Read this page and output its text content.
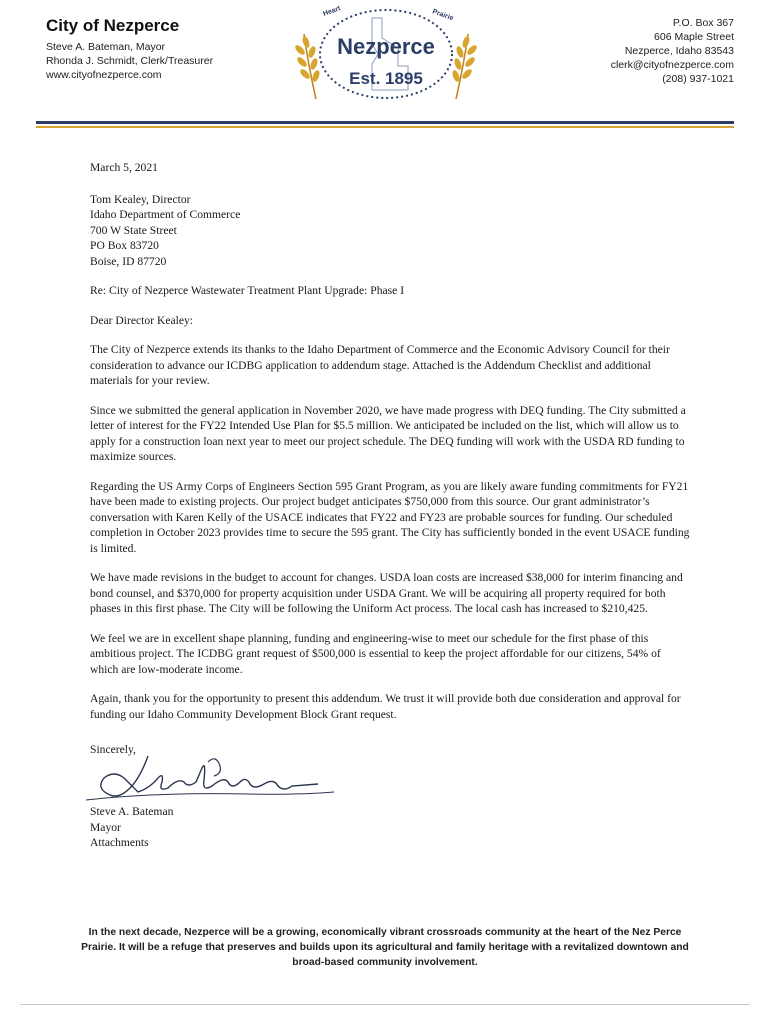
City of Nezperce
Steve A. Bateman, Mayor
Rhonda J. Schmidt, Clerk/Treasurer
www.cityofnezperce.com
Heart	Prairie
Nezperce
Est. 1895
P.O. Box 367
606 Maple Street
Nezperce, Idaho 83543
clerk@cityofnezperce.com
(208) 937-1021

March 5, 2021

Tom Kealey, Director
Idaho Department of Commerce
700 W State Street
PO Box 83720
Boise, ID 87720

Re: City of Nezperce Wastewater Treatment Plant Upgrade: Phase I

Dear Director Kealey:

The City of Nezperce extends its thanks to the Idaho Department of Commerce and the Economic Advisory Council for their consideration to advance our ICDBG application to addendum stage. Attached is the Addendum Checklist and additional materials for your review.

Since we submitted the general application in November 2020, we have made progress with DEQ funding. The City submitted a letter of interest for the FY22 Intended Use Plan for $5.5 million. We anticipated be included on the list, which will allow us to apply for a construction loan next year to meet our project schedule. The DEQ funding will work with the USDA RD funding to maximize sources.

Regarding the US Army Corps of Engineers Section 595 Grant Program, as you are likely aware funding commitments for FY21 have been made to existing projects. Our project budget anticipates $750,000 from this source. Our grant administrator’s conversation with Karen Kelly of the USACE indicates that FY22 and FY23 are probable sources for funding. Our scheduled completion in October 2023 provides time to secure the 595 grant. The City has sufficiently bonded in the event USACE funding is limited.

We have made revisions in the budget to account for changes. USDA loan costs are increased $38,000 for interim financing and bond counsel, and $370,000 for property acquisition under USDA Grant. We will be acquiring all property required for both phases in this first phase. The City will be following the Uniform Act process. The local cash has increased to $210,425.

We feel we are in excellent shape planning, funding and engineering-wise to meet our schedule for the first phase of this ambitious project. The ICDBG grant request of $500,000 is essential to keep the project affordable for our citizens, 54% of which are low-moderate income.

Again, thank you for the opportunity to present this addendum. We trust it will provide both due consideration and approval for funding our Idaho Community Development Block Grant request.

Sincerely,
Steve A. Bateman
Mayor
Attachments
In the next decade, Nezperce will be a growing, economically vibrant crossroads community at the heart of the Nez Perce Prairie. It will be a refuge that preserves and builds upon its agricultural and family heritage with a revitalized downtown and broad-based community involvement.
